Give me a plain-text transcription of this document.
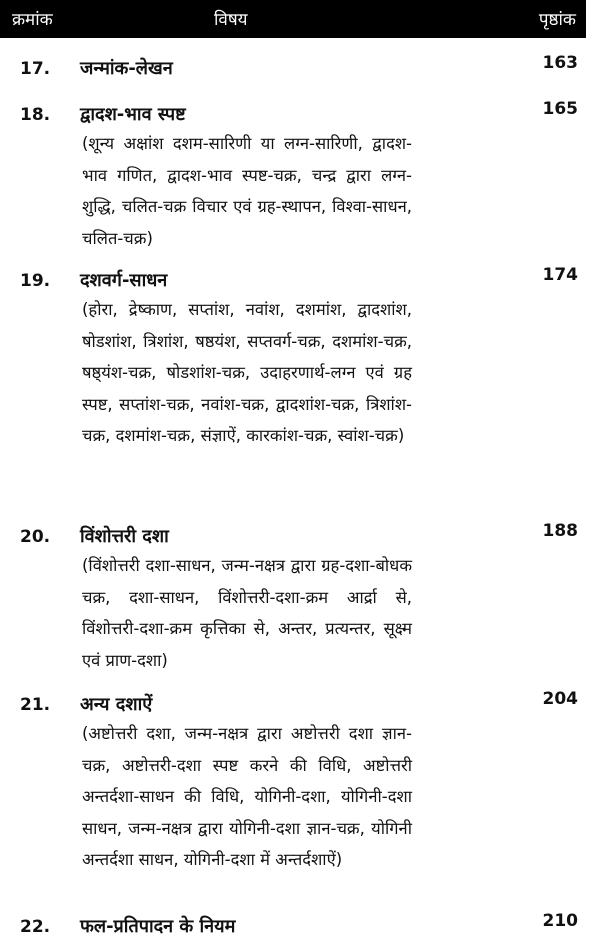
क्रमांक	विषय	पृष्ठांक
17. जन्मांक-लेखन	163
18. द्वादश-भाव स्पष्ट	165
(शून्य अक्षांश दशम-सारिणी या लग्न-सारिणी, द्वादश-भाव गणित, द्वादश-भाव स्पष्ट-चक्र, चन्द्र द्वारा लग्न-शुद्धि, चलित-चक्र विचार एवं ग्रह-स्थापन, विश्वा-साधन, चलित-चक्र)
19. दशवर्ग-साधन	174
(होरा, द्रेष्काण, सप्तांश, नवांश, दशमांश, द्वादशांश, षोडशांश, त्रिशांश, षष्ठयंश, सप्तवर्ग-चक्र, दशमांश-चक्र, षष्ठ्यंश-चक्र, षोडशांश-चक्र, उदाहरणार्थ-लग्न एवं ग्रह स्पष्ट, सप्तांश-चक्र, नवांश-चक्र, द्वादशांश-चक्र, त्रिशांश-चक्र, दशमांश-चक्र, संज्ञाऐं, कारकांश-चक्र, स्वांश-चक्र)
20. विंशोत्तरी दशा	188
(विंशोत्तरी दशा-साधन, जन्म-नक्षत्र द्वारा ग्रह-दशा-बोधक चक्र, दशा-साधन, विंशोत्तरी-दशा-क्रम आर्द्रा से, विंशोत्तरी-दशा-क्रम कृत्तिका से, अन्तर, प्रत्यन्तर, सूक्ष्म एवं प्राण-दशा)
21. अन्य दशाऐं	204
(अष्टोत्तरी दशा, जन्म-नक्षत्र द्वारा अष्टोत्तरी दशा ज्ञान-चक्र, अष्टोत्तरी-दशा स्पष्ट करने की विधि, अष्टोत्तरी अन्तर्दशा-साधन की विधि, योगिनी-दशा, योगिनी-दशा साधन, जन्म-नक्षत्र द्वारा योगिनी-दशा ज्ञान-चक्र, योगिनी अन्तर्दशा साधन, योगिनी-दशा में अन्तर्दशाऐं)
22. फल-प्रतिपादन के नियम	210
